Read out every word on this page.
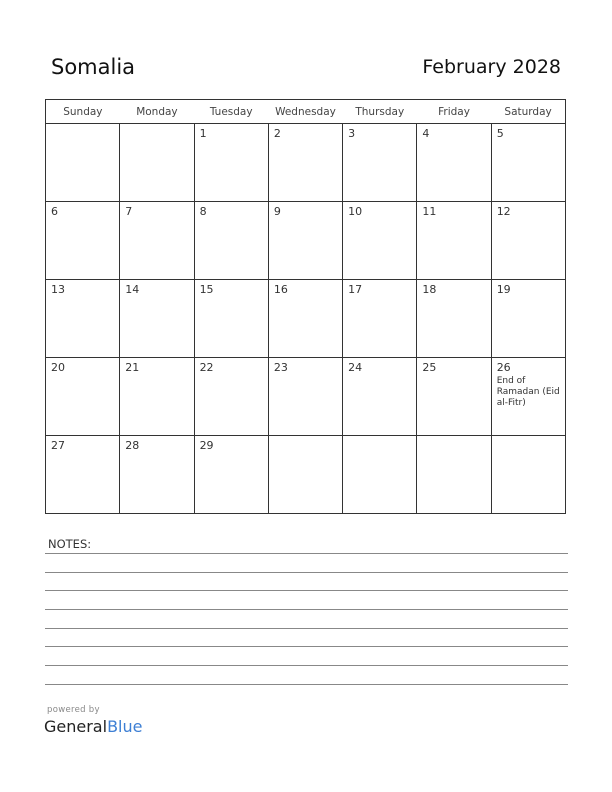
Somalia	February 2028
Sunday	Monday	Tuesday	Wednesday	Thursday	Friday	Saturday

		1	2	3	4	5

6	7	8	9	10	11	12

13	14	15	16	17	18	19

20	21	22	23	24	25	26
End of Ramadan (Eid al-Fitr)

27	28	29				

NOTES:
powered by
GeneralBlue
